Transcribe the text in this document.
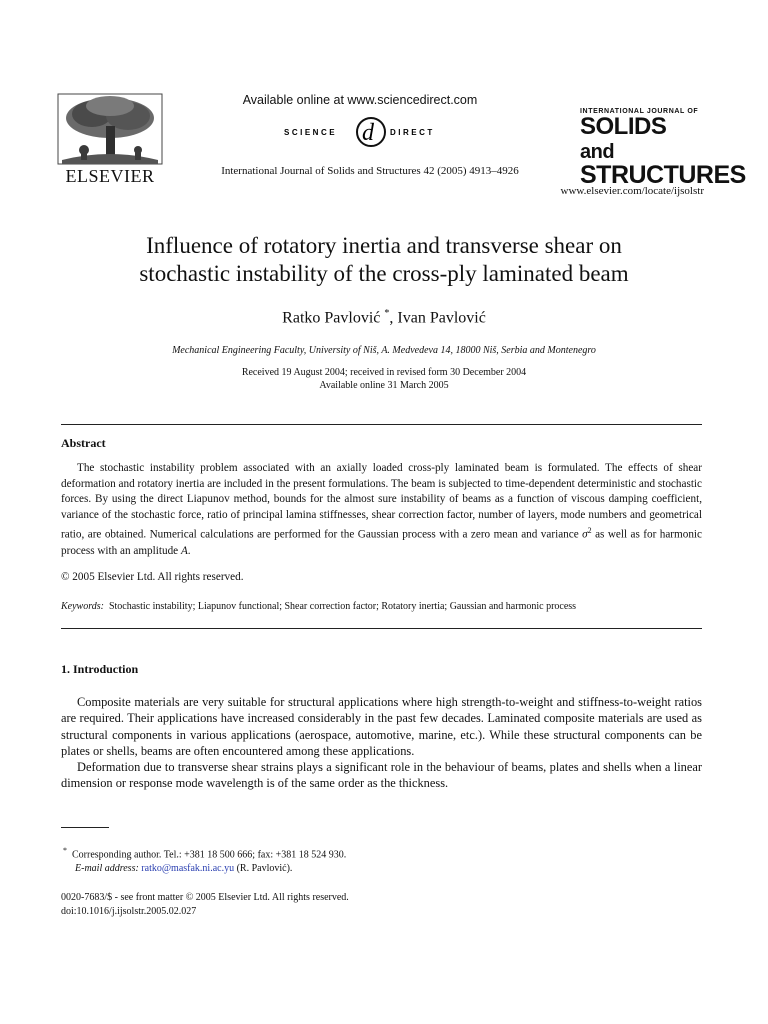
ELSEVIER
Available online at www.sciencedirect.com
SCIENCE d DIRECT
International Journal of Solids and Structures 42 (2005) 4913–4926
INTERNATIONAL JOURNAL OF
SOLIDS and
STRUCTURES
www.elsevier.com/locate/ijsolstr
Influence of rotatory inertia and transverse shear on
stochastic instability of the cross-ply laminated beam
Ratko Pavlović *, Ivan Pavlović
Mechanical Engineering Faculty, University of Niš, A. Medvedeva 14, 18000 Niš, Serbia and Montenegro
Received 19 August 2004; received in revised form 30 December 2004
Available online 31 March 2005
Abstract

The stochastic instability problem associated with an axially loaded cross-ply laminated beam is formulated. The effects of shear deformation and rotatory inertia are included in the present formulations. The beam is subjected to time-dependent deterministic and stochastic forces. By using the direct Liapunov method, bounds for the almost sure instability of beams as a function of viscous damping coefficient, variance of the stochastic force, ratio of principal lamina stiffnesses, shear correction factor, number of layers, mode numbers and geometrical ratio, are obtained. Numerical calculations are performed for the Gaussian process with a zero mean and variance $\sigma^2$ as well as for harmonic process with an amplitude A.

© 2005 Elsevier Ltd. All rights reserved.
Keywords: Stochastic instability; Liapunov functional; Shear correction factor; Rotatory inertia; Gaussian and harmonic process
1. Introduction

Composite materials are very suitable for structural applications where high strength-to-weight and stiffness-to-weight ratios are required. Their applications have increased considerably in the past few decades. Laminated composite materials are used as structural components in various applications (aerospace, automotive, marine, etc.). While these structural components can be plates or shells, beams are often encountered among these applications.

Deformation due to transverse shear strains plays a significant role in the behaviour of beams, plates and shells when a linear dimension or response mode wavelength is of the same order as the thickness.

* Corresponding author. Tel.: +381 18 500 666; fax: +381 18 524 930.
E-mail address: ratko@masfak.ni.ac.yu (R. Pavlović).
0020-7683/$ - see front matter © 2005 Elsevier Ltd. All rights reserved.
doi:10.1016/j.ijsolstr.2005.02.027
